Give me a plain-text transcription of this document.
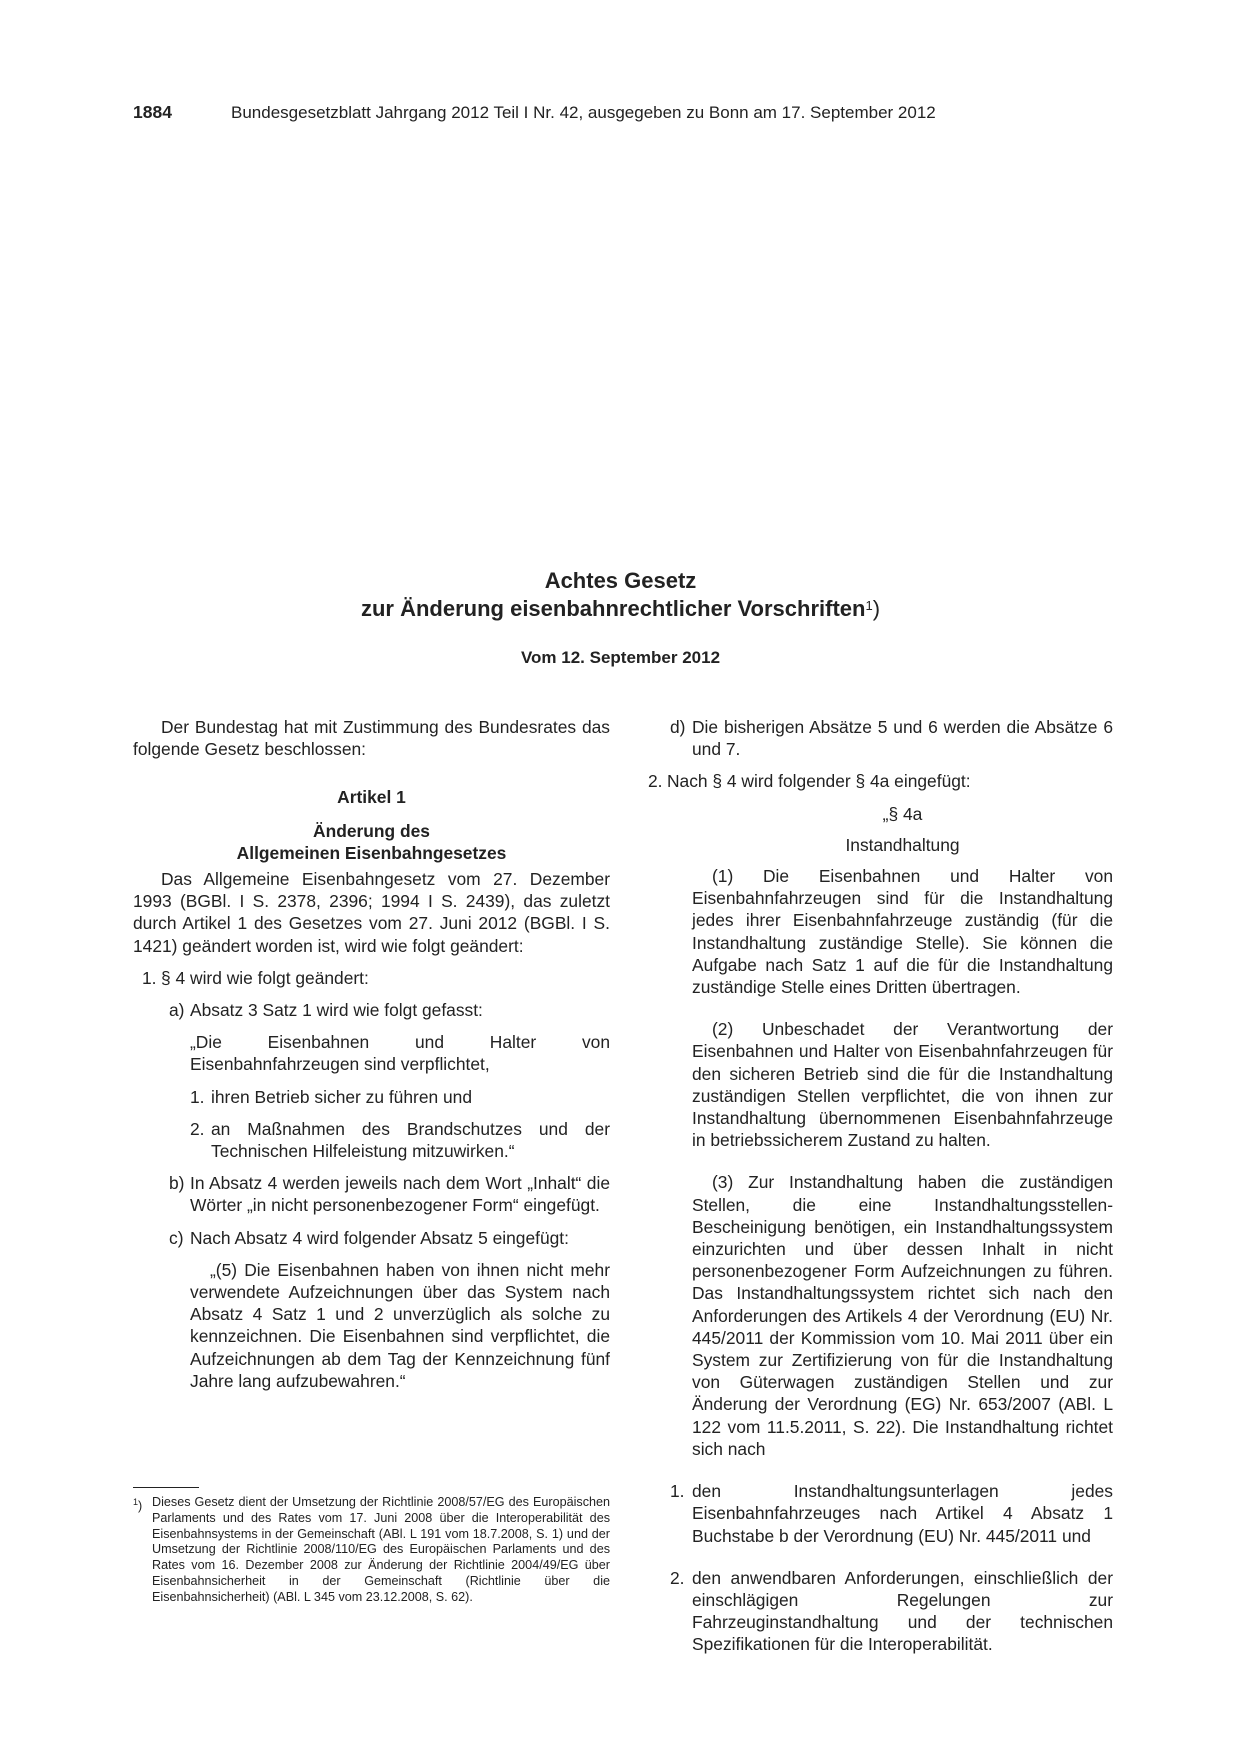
1884	Bundesgesetzblatt Jahrgang 2012 Teil I Nr. 42, ausgegeben zu Bonn am 17. September 2012
Achtes Gesetz
zur Änderung eisenbahnrechtlicher Vorschriften$^1$)
Vom 12. September 2012

Der Bundestag hat mit Zustimmung des Bundesrates das folgende Gesetz beschlossen:

Artikel 1

Änderung des

Allgemeinen Eisenbahngesetzes

Das Allgemeine Eisenbahngesetz vom 27. Dezember 1993 (BGBl. I S. 2378, 2396; 1994 I S. 2439), das zuletzt durch Artikel 1 des Gesetzes vom 27. Juni 2012 (BGBl. I S. 1421) geändert worden ist, wird wie folgt geändert:

1. § 4 wird wie folgt geändert:

a) Absatz 3 Satz 1 wird wie folgt gefasst:

„Die Eisenbahnen und Halter von Eisenbahnfahrzeugen sind verpflichtet,

1. ihren Betrieb sicher zu führen und

2. an Maßnahmen des Brandschutzes und der Technischen Hilfeleistung mitzuwirken.“

b) In Absatz 4 werden jeweils nach dem Wort „Inhalt“ die Wörter „in nicht personenbezogener Form“ eingefügt.

c) Nach Absatz 4 wird folgender Absatz 5 eingefügt:

„(5) Die Eisenbahnen haben von ihnen nicht mehr verwendete Aufzeichnungen über das System nach Absatz 4 Satz 1 und 2 unverzüglich als solche zu kennzeichnen. Die Eisenbahnen sind verpflichtet, die Aufzeichnungen ab dem Tag der Kennzeichnung fünf Jahre lang aufzubewahren.“

$^1$) Dieses Gesetz dient der Umsetzung der Richtlinie 2008/57/EG des Europäischen Parlaments und des Rates vom 17. Juni 2008 über die Interoperabilität des Eisenbahnsystems in der Gemeinschaft (ABl. L 191 vom 18.7.2008, S. 1) und der Umsetzung der Richtlinie 2008/110/EG des Europäischen Parlaments und des Rates vom 16. Dezember 2008 zur Änderung der Richtlinie 2004/49/EG über Eisenbahnsicherheit in der Gemeinschaft (Richtlinie über die Eisenbahnsicherheit) (ABl. L 345 vom 23.12.2008, S. 62).

d) Die bisherigen Absätze 5 und 6 werden die Absätze 6 und 7.

2. Nach § 4 wird folgender § 4a eingefügt:

„§ 4a

Instandhaltung

(1) Die Eisenbahnen und Halter von Eisenbahnfahrzeugen sind für die Instandhaltung jedes ihrer Eisenbahnfahrzeuge zuständig (für die Instandhaltung zuständige Stelle). Sie können die Aufgabe nach Satz 1 auf die für die Instandhaltung zuständige Stelle eines Dritten übertragen.

(2) Unbeschadet der Verantwortung der Eisenbahnen und Halter von Eisenbahnfahrzeugen für den sicheren Betrieb sind die für die Instandhaltung zuständigen Stellen verpflichtet, die von ihnen zur Instandhaltung übernommenen Eisenbahnfahrzeuge in betriebssicherem Zustand zu halten.

(3) Zur Instandhaltung haben die zuständigen Stellen, die eine Instandhaltungsstellen-Bescheinigung benötigen, ein Instandhaltungssystem einzurichten und über dessen Inhalt in nicht personenbezogener Form Aufzeichnungen zu führen. Das Instandhaltungssystem richtet sich nach den Anforderungen des Artikels 4 der Verordnung (EU) Nr. 445/2011 der Kommission vom 10. Mai 2011 über ein System zur Zertifizierung von für die Instandhaltung von Güterwagen zuständigen Stellen und zur Änderung der Verordnung (EG) Nr. 653/2007 (ABl. L 122 vom 11.5.2011, S. 22). Die Instandhaltung richtet sich nach

1. den Instandhaltungsunterlagen jedes Eisenbahnfahrzeuges nach Artikel 4 Absatz 1 Buchstabe b der Verordnung (EU) Nr. 445/2011 und

2. den anwendbaren Anforderungen, einschließlich der einschlägigen Regelungen zur Fahrzeuginstandhaltung und der technischen Spezifikationen für die Interoperabilität.
